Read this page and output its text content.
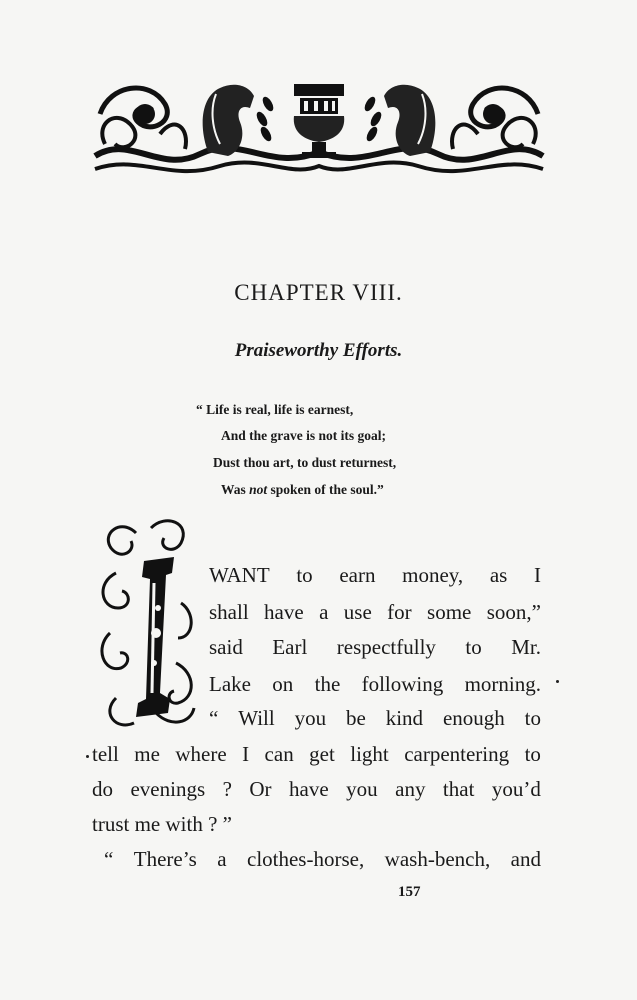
CHAPTER VIII.
Praiseworthy Efforts.
“ Life is real, life is earnest,
And the grave is not its goal;
Dust thou art, to dust returnest,
Was not spoken of the soul.”
WANT to earn money, as I
shall have a use for some soon,”
said Earl respectfully to Mr.
Lake on the following morning.
“ Will you be kind enough to
tell me where I can get light carpentering to
do evenings ? Or have you any that you’d
trust me with ? ”
“ There’s a clothes-horse, wash-bench, and
157
